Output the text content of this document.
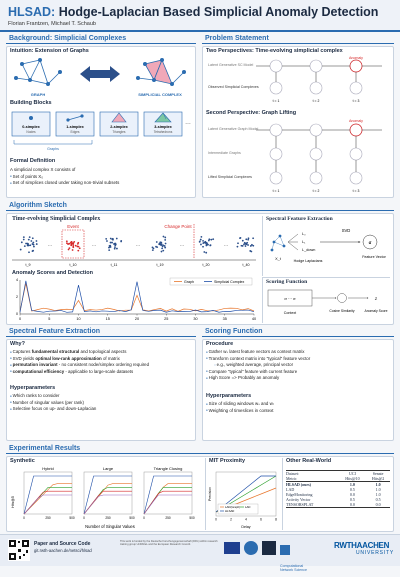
HLSAD: Hodge-Laplacian Based Simplicial Anomaly Detection
Florian Frantzen, Michael T. Schaub
Background: Simplicial Complexes
Intuition: Extension of Graphs
GRAPH	SIMPLICIAL COMPLEX
Building Blocks
0-simplex
Nodes
1-simplex
Edges
2-simplex
Triangles
3-simplex
Tetrahedrons
…
Graphs
Formal Definition
A simplicial complex X consists of
● Set of points X₀
● Set of simplices closed under taking non-trivial subsets
Problem Statement
Two Perspectives: Time-evolving simplicial complex
Latent Generative SC Model
Observed Simplicial Complexes
Anomaly
t = 1	t = 2	t = 3
Second Perspective: Graph Lifting
Latent Generative Graph Model
Intermediate Graphs
Lifted Simplicial Complexes
Anomaly
t = 1	t = 2	t = 3
Algorithm Sketch
Time-evolving Simplicial Complex
…	…	…	…	…
Event	Change Point
t_9	t_10	t_11	t_19	t_20	t_40
Anomaly Scores and Detection
0	5	10	15	20	25	30	35	40
0
2
4	Graph	Simplicial Complex
Spectral Feature Extraction
X_t
L₀
L₁
L_down
Hodge Laplacians
SVD
σ
Feature Vector
Scoring Function
σ ··· σ	Z
Context	Cosine Similarity	Anomaly Score
Spectral Feature Extraction
Why?
● Captures fundamental structural and topological aspects
● SVD yields optimal low-rank approximation of matrix
● permutation invariant - no consistent node/simplex ordering required
● computational efficiency - applicable to large-scale datasets
Hyperparameters
● Which ranks to consider
● Number of singular values (per rank)
● Selective focus on up- and down-Laplacian
Scoring Function
Procedure
● Gather wₛ latest feature vectors as context matrix
● Transform context matrix into "typical" feature vector
○ e.g., weighted average, principal vector
● Compare "typical" feature with current feature
● High Score => Probably an anomaly
Hyperparameters
● Size of sliding windows wₛ and wₗ
● Weighting of timeslices in context
Experimental Results
Synthetic
Hits@5
Number of Singular Values
Hybrid
0	250	500
Large
0	250	500
Triangle Closing
0	250	500
MIT Proximity
Precision
Delay
LAD(Graph) LAD
HLSAD
0	2	4	6	8
Other Real-World
Dataset:	UCI	Senate
Metric	Hits@10	Hits@2
HLSAD (ours)	1.0	1.0
LAD	0.5	1.0
EdgeMonitoring	0.0	1.0
Activity Vector	0.5	0.5
TENSORSPLAT	0.0	0.0
Paper and Source Code
git.rwth-aachen.de/netsci/hlsad
This work is funded by the Deutsche Forschungsgemeinschaft (DFG) within research training group UnRAVeL and the European Research Council.
Computational Network Science
RWTHAACHEN
UNIVERSITY
